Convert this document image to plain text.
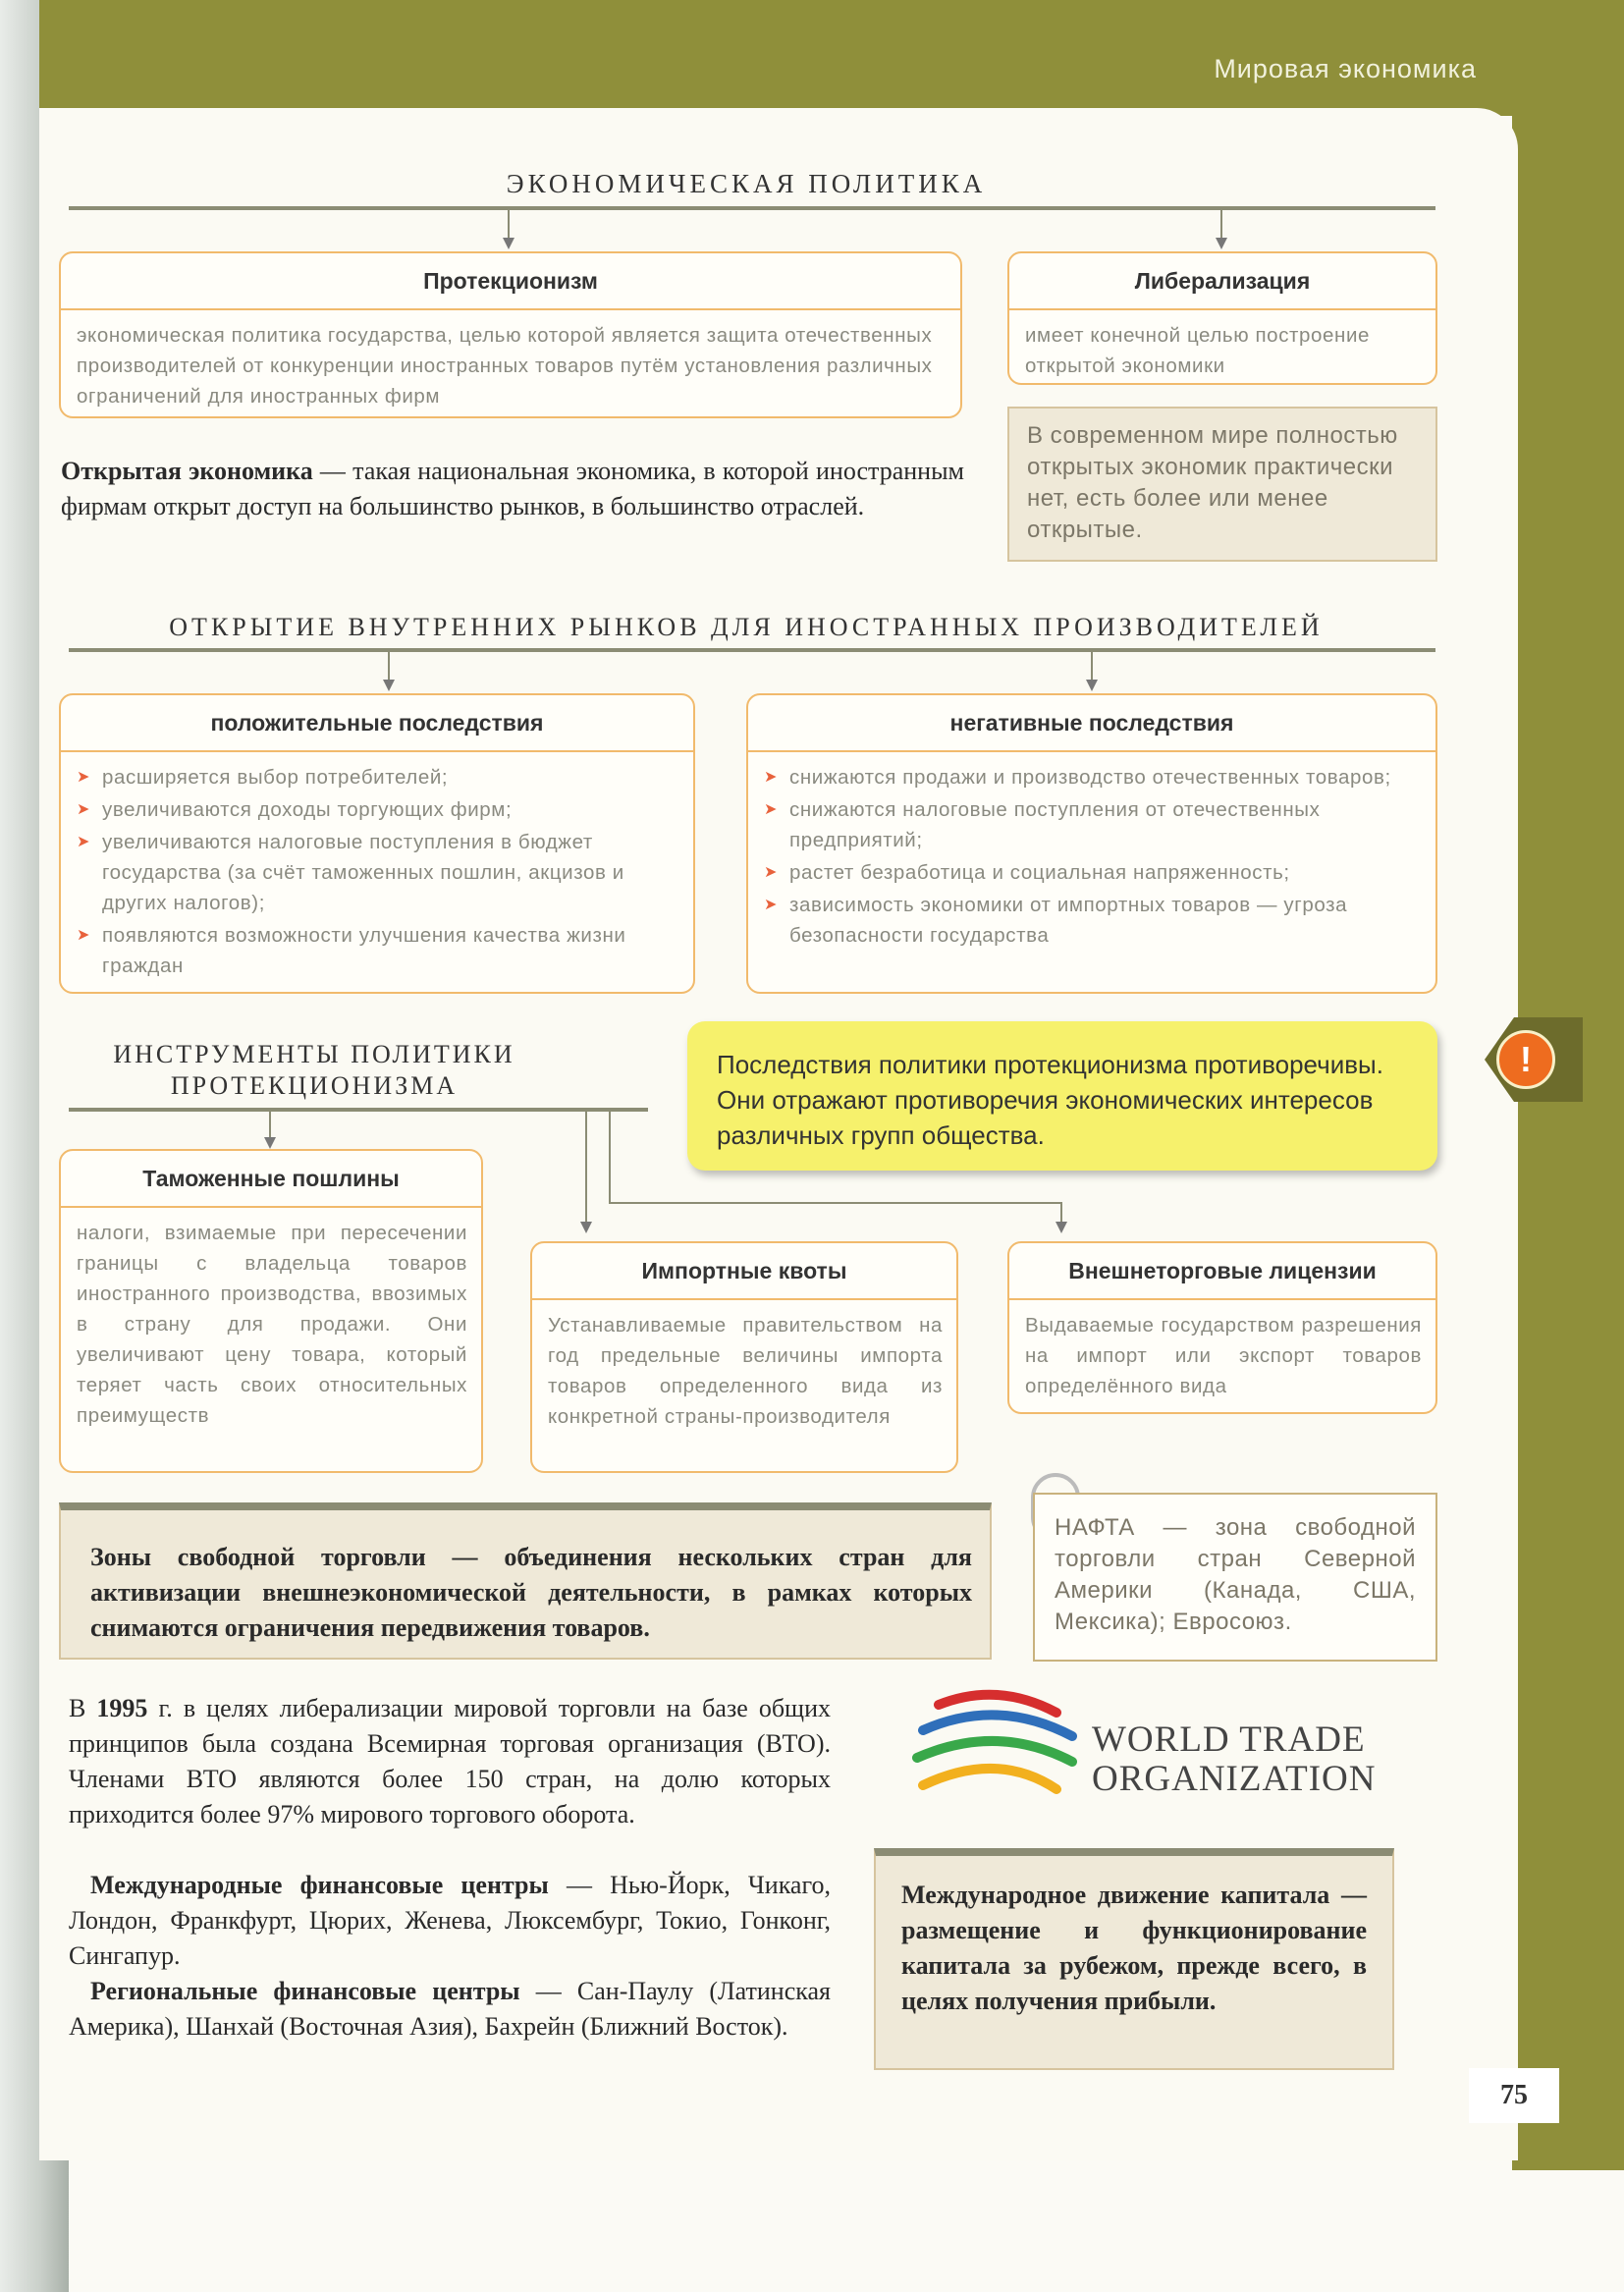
Мировая экономика
ЭКОНОМИЧЕСКАЯ ПОЛИТИКА
Протекционизм
экономическая политика государства, целью которой является защита отечественных производителей от конкуренции иностранных товаров путём установления различных ограничений для иностранных фирм
Либерализация
имеет конечной целью построение открытой экономики
Открытая экономика — такая национальная экономика, в которой иностранным фирмам открыт доступ на большинство рынков, в большинство отраслей.
В современном мире полностью открытых экономик практически нет, есть более или менее открытые.
ОТКРЫТИЕ ВНУТРЕННИХ РЫНКОВ ДЛЯ ИНОСТРАННЫХ ПРОИЗВОДИТЕЛЕЙ
положительные последствия
➤ расширяется выбор потребителей;
➤ увеличиваются доходы торгующих фирм;
➤ увеличиваются налоговые поступления в бюджет государства (за счёт таможенных пошлин, акцизов и других налогов);
➤ появляются возможности улучшения качества жизни граждан
негативные последствия
➤ снижаются продажи и производство отечественных товаров;
➤ снижаются налоговые поступления от отечественных предприятий;
➤ растет безработица и социальная напряженность;
➤ зависимость экономики от импортных товаров — угроза безопасности государства
ИНСТРУМЕНТЫ ПОЛИТИКИ
ПРОТЕКЦИОНИЗМА
Последствия политики протекционизма противоречивы. Они отражают противоречия экономических интересов различных групп общества.
!
Таможенные пошлины
налоги, взимаемые при пересечении границы с владельца товаров иностранного производства, ввозимых в страну для продажи. Они увеличивают цену товара, который теряет часть своих относительных преимуществ
Импортные квоты
Устанавливаемые правительством на год предельные величины импорта товаров определенного вида из конкретной страны-производителя
Внешнеторговые лицензии
Выдаваемые государством разрешения на импорт или экспорт товаров определённого вида
Зоны свободной торговли — объединения нескольких стран для активизации внешнеэкономической деятельности, в рамках которых снимаются ограничения передвижения товаров.
НАФТА — зона свободной торговли стран Северной Америки (Канада, США, Мексика); Евросоюз.
В 1995 г. в целях либерализации мировой торговли на базе общих принципов была создана Всемирная торговая организация (ВТО). Членами ВТО являются более 150 стран, на долю которых приходится более 97% мирового торгового оборота.
Международные финансовые центры — Нью-Йорк, Чикаго, Лондон, Франкфурт, Цюрих, Женева, Люксембург, Токио, Гонконг, Сингапур.
Региональные финансовые центры — Сан-Паулу (Латинская Америка), Шанхай (Восточная Азия), Бахрейн (Ближний Восток).
WORLD TRADE
ORGANIZATION
Международное движение капитала — размещение и функционирование капитала за рубежом, прежде всего, в целях получения прибыли.
75
